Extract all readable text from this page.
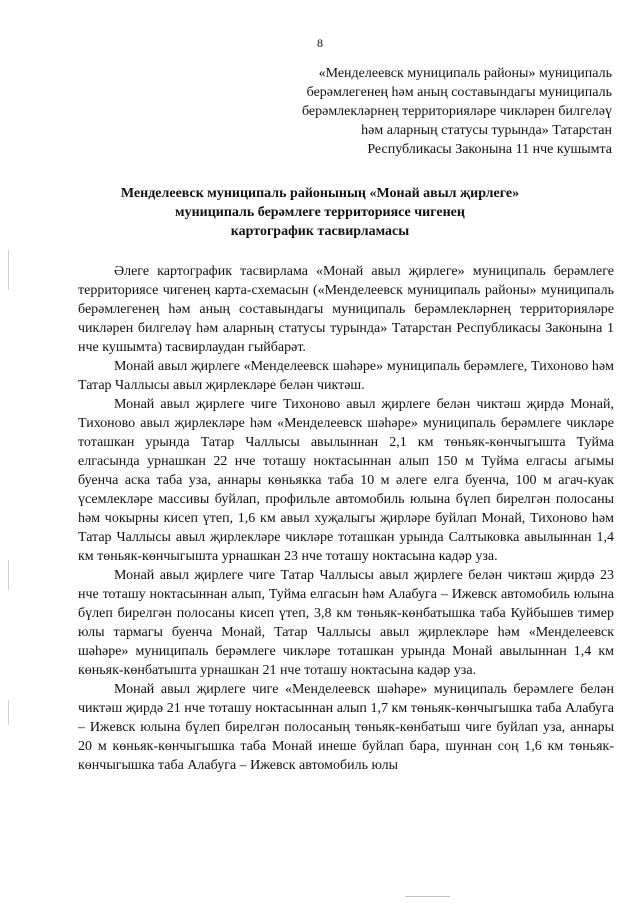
8
«Менделеевск муниципаль районы» муниципаль
берәмлегенең һәм аның составындагы муниципаль
берәмлекләрнең территорияләре чикләрен билгеләү
һәм аларның статусы турында» Татарстан
Республикасы Законына 11 нче кушымта
Менделеевск муниципаль районының «Монай авыл җирлеге»
муниципаль берәмлеге территориясе чигенең
картографик тасвирламасы

Әлеге картографик тасвирлама «Монай авыл җирлеге» муниципаль берәмлеге территориясе чигенең карта-схемасын («Менделеевск муниципаль районы» муниципаль берәмлегенең һәм аның составындагы муниципаль берәмлекләрнең территорияләре чикләрен билгеләү һәм аларның статусы турында» Татарстан Республикасы Законына 1 нче кушымта) тасвирлаудан гыйбарәт.

Монай авыл җирлеге «Менделеевск шәһәре» муниципаль берәмлеге, Тихоново һәм Татар Чаллысы авыл җирлекләре белән чиктәш.

Монай авыл җирлеге чиге Тихоново авыл җирлеге белән чиктәш җирдә Монай, Тихоново авыл җирлекләре һәм «Менделеевск шәһәре» муниципаль берәмлеге чикләре тоташкан урында Татар Чаллысы авылыннан 2,1 км төньяк-көнчыгышта Туйма елгасында урнашкан 22 нче тоташу ноктасыннан алып 150 м Туйма елгасы агымы буенча аска таба уза, аннары көньякка таба 10 м әлеге елга буенча, 100 м агач-куак үсемлекләре массивы буйлап, профильле автомобиль юлына бүлеп бирелгән полосаны һәм чокырны кисеп үтеп, 1,6 км авыл хуҗалыгы җирләре буйлап Монай, Тихоново һәм Татар Чаллысы авыл җирлекләре чикләре тоташкан урында Салтыковка авылыннан 1,4 км төньяк-көнчыгышта урнашкан 23 нче тоташу ноктасына кадәр уза.

Монай авыл җирлеге чиге Татар Чаллысы авыл җирлеге белән чиктәш җирдә 23 нче тоташу ноктасыннан алып, Туйма елгасын һәм Алабуга – Ижевск автомобиль юлына бүлеп бирелгән полосаны кисеп үтеп, 3,8 км төньяк-көнбатышка таба Куйбышев тимер юлы тармагы буенча Монай, Татар Чаллысы авыл җирлекләре һәм «Менделеевск шәһәре» муниципаль берәмлеге чикләре тоташкан урында Монай авылыннан 1,4 км көньяк-көнбатышта урнашкан 21 нче тоташу ноктасына кадәр уза.

Монай авыл җирлеге чиге «Менделеевск шәһәре» муниципаль берәмлеге белән чиктәш җирдә 21 нче тоташу ноктасыннан алып 1,7 км төньяк-көнчыгышка таба Алабуга – Ижевск юлына бүлеп бирелгән полосаның төньяк-көнбатыш чиге буйлап уза, аннары 20 м көньяк-көнчыгышка таба Монай инеше буйлап бара, шуннан соң 1,6 км төньяк-көнчыгышка таба Алабуга – Ижевск автомобиль юлы
